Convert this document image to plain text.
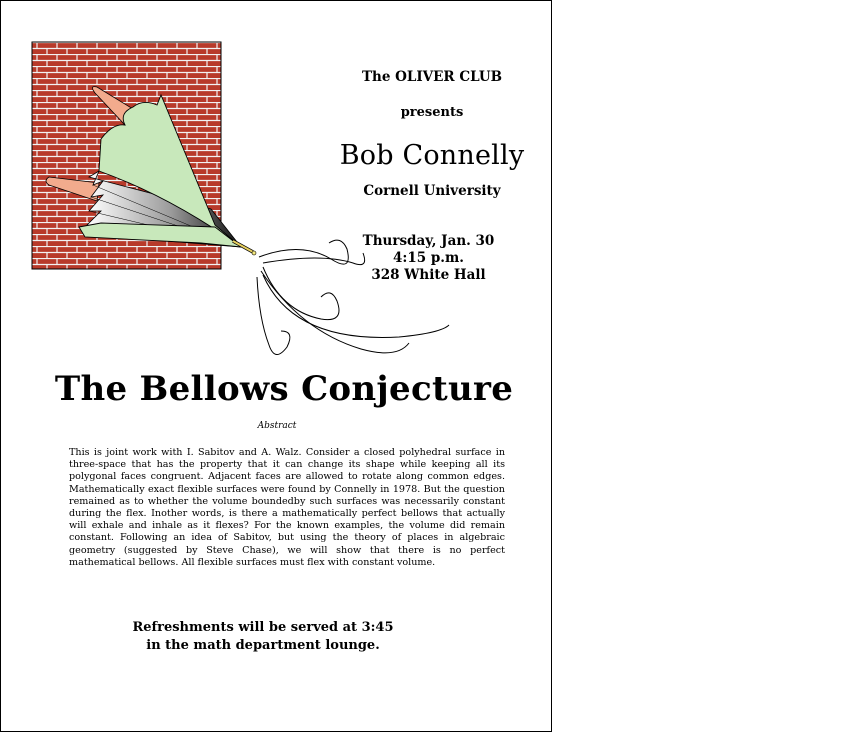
The OLIVER CLUB
presents
Bob Connelly
Cornell University
Thursday, Jan. 30
4:15 p.m.
328 White Hall
The Bellows Conjecture
Abstract
This is joint work with I. Sabitov and A. Walz. Consider a closed polyhedral surface in three-space that has the property that it can change its shape while keeping all its polygonal faces congruent. Adjacent faces are allowed to rotate along common edges. Mathematically exact flexible surfaces were found by Connelly in 1978. But the question remained as to whether the volume boundedby such surfaces was necessarily constant during the flex. Inother words, is there a mathematically perfect bellows that actually will exhale and inhale as it flexes? For the known examples, the volume did remain constant. Following an idea of Sabitov, but using the theory of places in algebraic geometry (suggested by Steve Chase), we will show that there is no perfect mathematical bellows. All flexible surfaces must flex with constant volume.
Refreshments will be served at 3:45
in the math department lounge.
